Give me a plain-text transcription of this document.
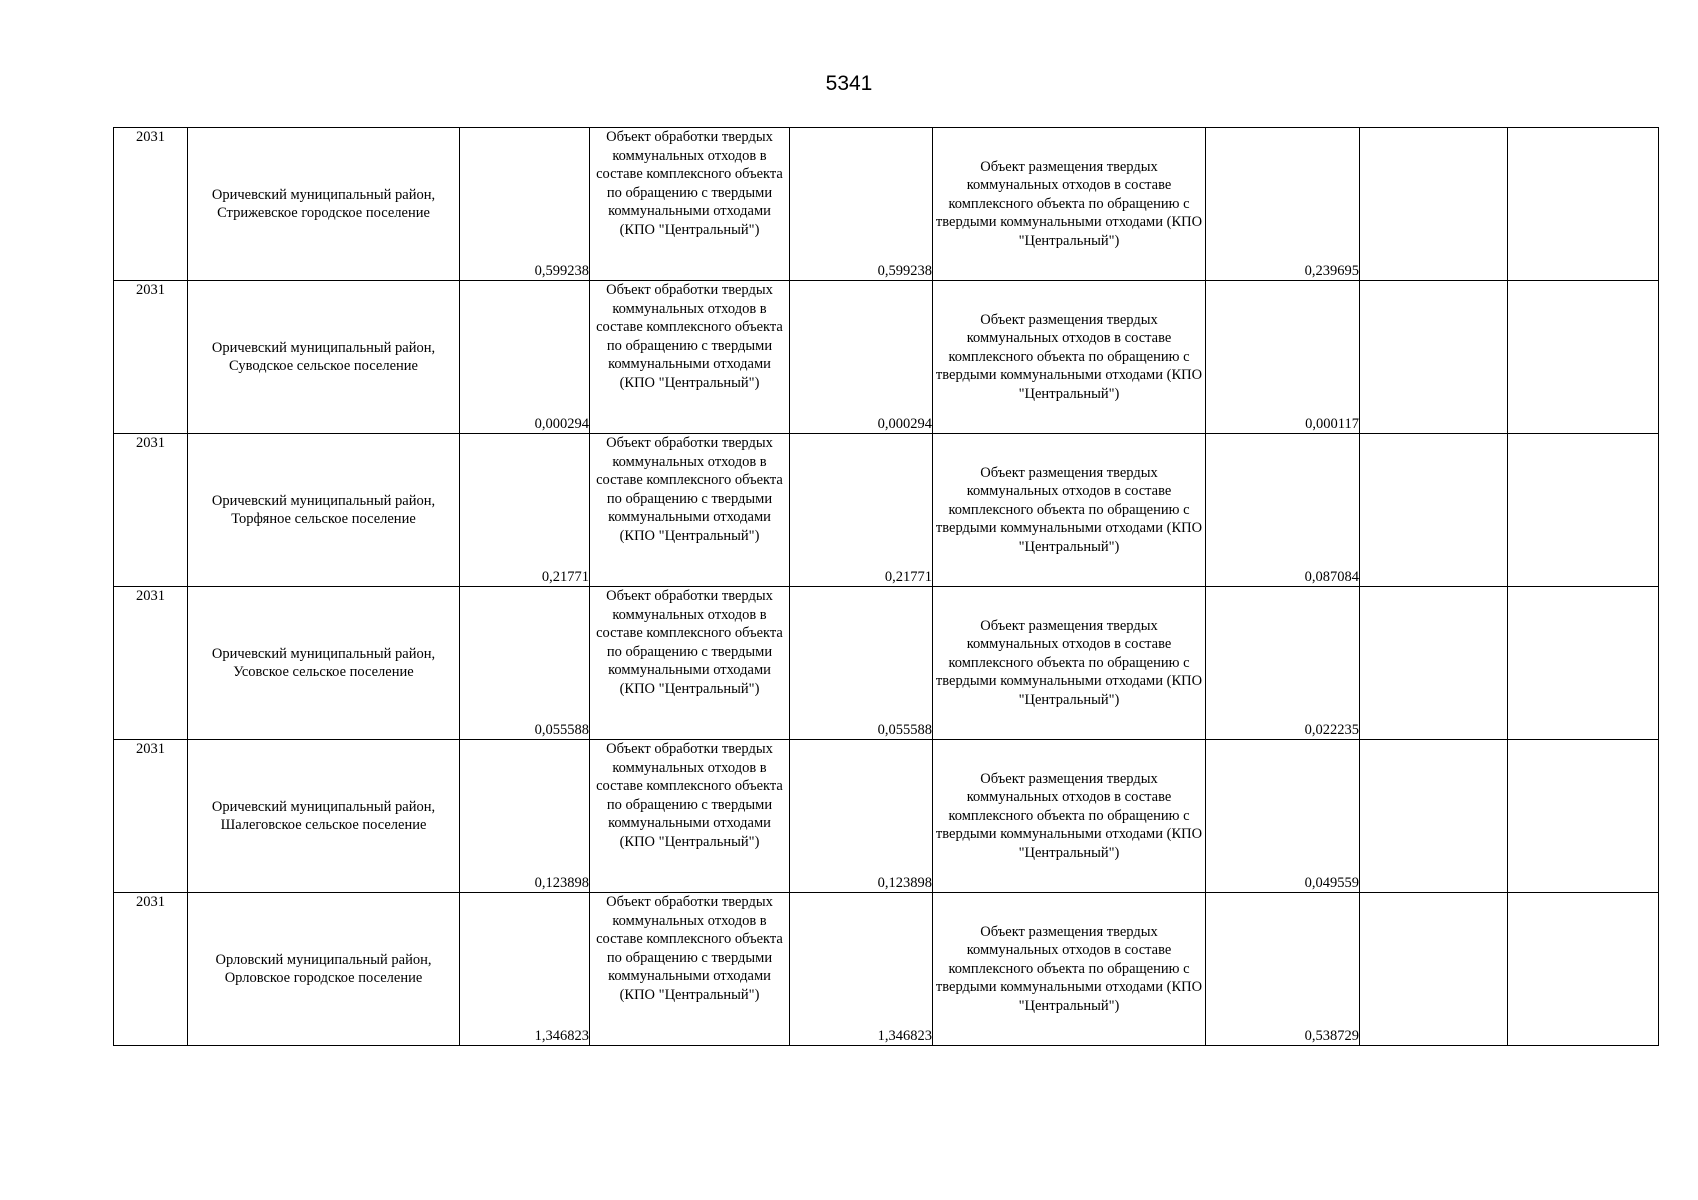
5341
2031	Оричевский муниципальный район, Стрижевское городское поселение	0,599238	Объект обработки твердых коммунальных отходов в составе комплексного объекта по обращению с твердыми коммунальными отходами (КПО "Центральный")	0,599238	Объект размещения твердых коммунальных отходов в составе комплексного объекта по обращению с твердыми коммунальными отходами (КПО "Центральный")	0,239695		
2031	Оричевский муниципальный район, Суводское сельское поселение	0,000294	Объект обработки твердых коммунальных отходов в составе комплексного объекта по обращению с твердыми коммунальными отходами (КПО "Центральный")	0,000294	Объект размещения твердых коммунальных отходов в составе комплексного объекта по обращению с твердыми коммунальными отходами (КПО "Центральный")	0,000117		
2031	Оричевский муниципальный район, Торфяное сельское поселение	0,21771	Объект обработки твердых коммунальных отходов в составе комплексного объекта по обращению с твердыми коммунальными отходами (КПО "Центральный")	0,21771	Объект размещения твердых коммунальных отходов в составе комплексного объекта по обращению с твердыми коммунальными отходами (КПО "Центральный")	0,087084		
2031	Оричевский муниципальный район, Усовское сельское поселение	0,055588	Объект обработки твердых коммунальных отходов в составе комплексного объекта по обращению с твердыми коммунальными отходами (КПО "Центральный")	0,055588	Объект размещения твердых коммунальных отходов в составе комплексного объекта по обращению с твердыми коммунальными отходами (КПО "Центральный")	0,022235		
2031	Оричевский муниципальный район, Шалеговское сельское поселение	0,123898	Объект обработки твердых коммунальных отходов в составе комплексного объекта по обращению с твердыми коммунальными отходами (КПО "Центральный")	0,123898	Объект размещения твердых коммунальных отходов в составе комплексного объекта по обращению с твердыми коммунальными отходами (КПО "Центральный")	0,049559		
2031	Орловский муниципальный район, Орловское городское поселение	1,346823	Объект обработки твердых коммунальных отходов в составе комплексного объекта по обращению с твердыми коммунальными отходами (КПО "Центральный")	1,346823	Объект размещения твердых коммунальных отходов в составе комплексного объекта по обращению с твердыми коммунальными отходами (КПО "Центральный")	0,538729		
